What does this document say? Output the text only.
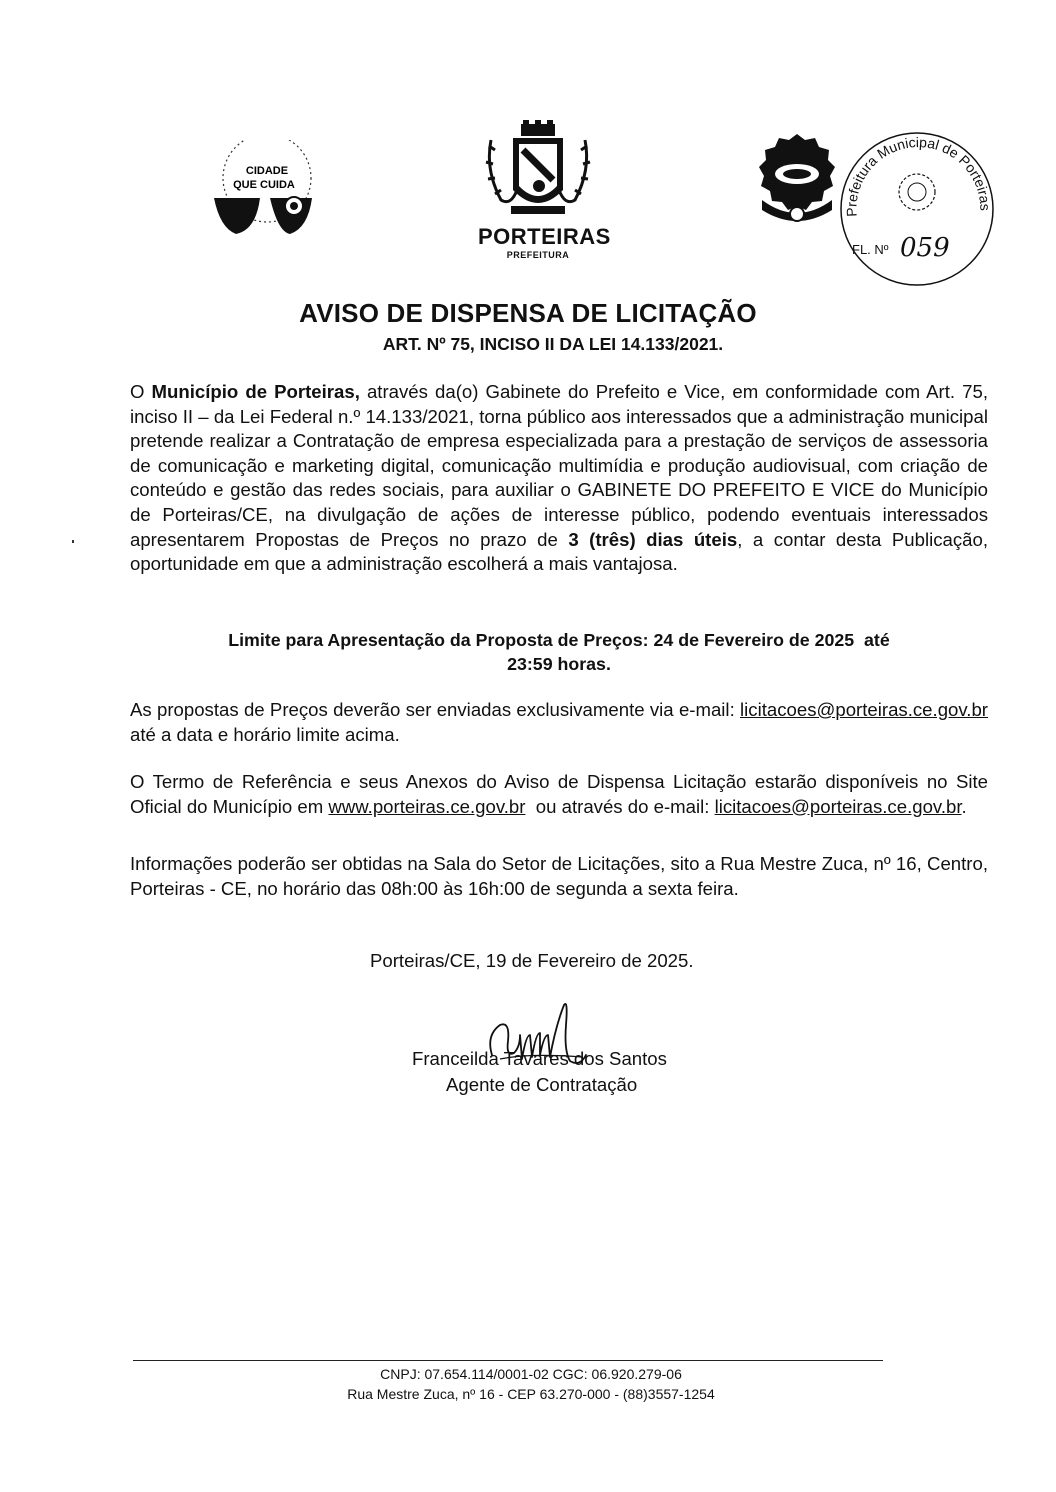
CIDADE
QUE CUIDA
PORTEIRAS
PREFEITURA
Prefeitura Municipal de Porteiras
FL. Nº 059
AVISO DE DISPENSA DE LICITAÇÃO
ART. Nº 75, INCISO II DA LEI 14.133/2021.
O Município de Porteiras, através da(o) Gabinete do Prefeito e Vice, em conformidade com Art. 75, inciso II – da Lei Federal n.º 14.133/2021, torna público aos interessados que a administração municipal pretende realizar a Contratação de empresa especializada para a prestação de serviços de assessoria de comunicação e marketing digital, comunicação multimídia e produção audiovisual, com criação de conteúdo e gestão das redes sociais, para auxiliar o GABINETE DO PREFEITO E VICE do Município de Porteiras/CE, na divulgação de ações de interesse público, podendo eventuais interessados apresentarem Propostas de Preços no prazo de 3 (três) dias úteis, a contar desta Publicação, oportunidade em que a administração escolherá a mais vantajosa.
Limite para Apresentação da Proposta de Preços: 24 de Fevereiro de 2025  até
23:59 horas.
As propostas de Preços deverão ser enviadas exclusivamente via e-mail: licitacoes@porteiras.ce.gov.br até a data e horário limite acima.
O Termo de Referência e seus Anexos do Aviso de Dispensa Licitação estarão disponíveis no Site Oficial do Município em www.porteiras.ce.gov.br  ou através do e-mail: licitacoes@porteiras.ce.gov.br.
Informações poderão ser obtidas na Sala do Setor de Licitações, sito a Rua Mestre Zuca, nº 16, Centro, Porteiras - CE, no horário das 08h:00 às 16h:00 de segunda a sexta feira.
Porteiras/CE, 19 de Fevereiro de 2025.
Franceilda Tavares dos Santos
Agente de Contratação
CNPJ: 07.654.114/0001-02 CGC: 06.920.279-06
Rua Mestre Zuca, nº 16 - CEP 63.270-000 - (88)3557-1254
